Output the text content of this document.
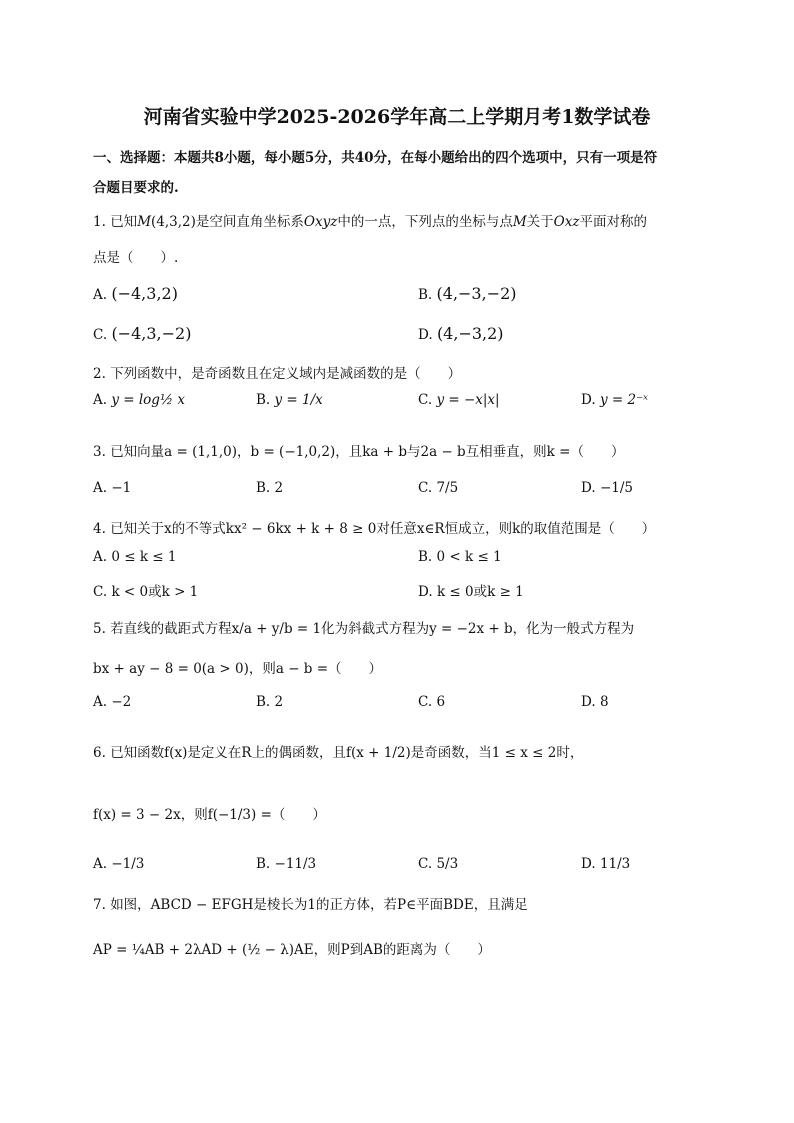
河南省实验中学2025-2026学年高二上学期月考1数学试卷
一、选择题：本题共8小题，每小题5分，共40分，在每小题给出的四个选项中，只有一项是符
合题目要求的.
1. 已知M(4,3,2)是空间直角坐标系Oxyz中的一点，下列点的坐标与点M关于Oxz平面对称的
点是（　　）.
A. (−4,3,2)	B. (4,−3,−2)
C. (−4,3,−2)	D. (4,−3,2)
2. 下列函数中，是奇函数且在定义域内是减函数的是（　　）
A. y = log½ x	B. y = 1/x	C. y = −x|x|	D. y = 2⁻ˣ
3. 已知向量a = (1,1,0)，b = (−1,0,2)，且ka + b与2a − b互相垂直，则k =（　　）
A. −1	B. 2	C. 7/5	D. −1/5
4. 已知关于x的不等式kx² − 6kx + k + 8 ≥ 0对任意x∈R恒成立，则k的取值范围是（　　）
A. 0 ≤ k ≤ 1	B. 0 < k ≤ 1
C. k < 0或k > 1	D. k ≤ 0或k ≥ 1
5. 若直线的截距式方程x/a + y/b = 1化为斜截式方程为y = −2x + b，化为一般式方程为
bx + ay − 8 = 0(a > 0)，则a − b =（　　）
A. −2	B. 2	C. 6	D. 8
6. 已知函数f(x)是定义在R上的偶函数，且f(x + 1/2)是奇函数，当1 ≤ x ≤ 2时，
f(x) = 3 − 2x，则f(−1/3) =（　　）
A. −1/3	B. −11/3	C. 5/3	D. 11/3
7. 如图，ABCD − EFGH是棱长为1的正方体，若P∈平面BDE，且满足
AP = ¼AB + 2λAD + (½ − λ)AE，则P到AB的距离为（　　）
